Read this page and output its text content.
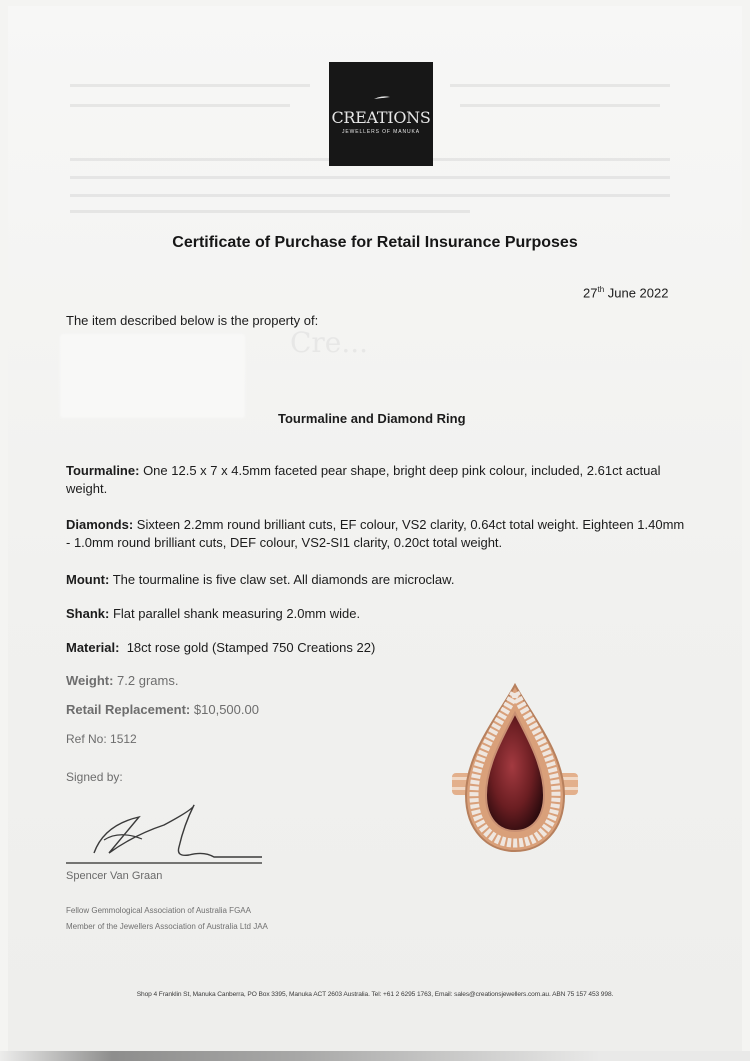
CREATIONS
JEWELLERS OF MANUKA
Certificate of Purchase for Retail Insurance Purposes
27th June 2022
The item described below is the property of:
Cre...
Tourmaline and Diamond Ring
Tourmaline: One 12.5 x 7 x 4.5mm faceted pear shape, bright deep pink colour, included, 2.61ct actual weight.
Diamonds: Sixteen 2.2mm round brilliant cuts, EF colour, VS2 clarity, 0.64ct total weight. Eighteen 1.40mm - 1.0mm round brilliant cuts, DEF colour, VS2-SI1 clarity, 0.20ct total weight.
Mount: The tourmaline is five claw set. All diamonds are microclaw.
Shank: Flat parallel shank measuring 2.0mm wide.
Material: 18ct rose gold (Stamped 750 Creations 22)
Weight: 7.2 grams.
Retail Replacement: $10,500.00
Ref No: 1512
Signed by:
Spencer Van Graan
Fellow Gemmological Association of Australia FGAA
Member of the Jewellers Association of Australia Ltd JAA
Shop 4 Franklin St, Manuka Canberra, PO Box 3395, Manuka ACT 2603 Australia. Tel: +61 2 6295 1763, Email: sales@creationsjewellers.com.au. ABN 75 157 453 998.
